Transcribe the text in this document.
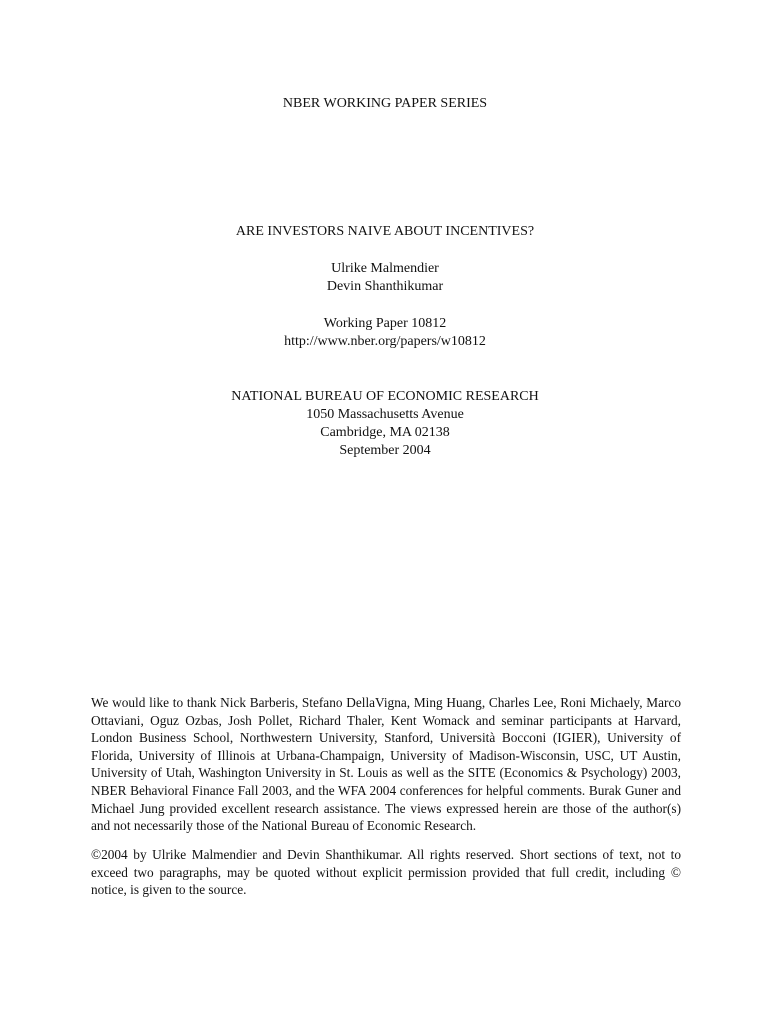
NBER WORKING PAPER SERIES
ARE INVESTORS NAIVE ABOUT INCENTIVES?
Ulrike Malmendier
Devin Shanthikumar
Working Paper 10812
http://www.nber.org/papers/w10812
NATIONAL BUREAU OF ECONOMIC RESEARCH
1050 Massachusetts Avenue
Cambridge, MA 02138
September 2004
We would like to thank Nick Barberis, Stefano DellaVigna, Ming Huang, Charles Lee, Roni Michaely, Marco Ottaviani, Oguz Ozbas, Josh Pollet, Richard Thaler, Kent Womack and seminar participants at Harvard, London Business School, Northwestern University, Stanford, Università Bocconi (IGIER), University of Florida, University of Illinois at Urbana-Champaign, University of Madison-Wisconsin, USC, UT Austin, University of Utah, Washington University in St. Louis as well as the SITE (Economics & Psychology) 2003, NBER Behavioral Finance Fall 2003, and the WFA 2004 conferences for helpful comments. Burak Guner and Michael Jung provided excellent research assistance. The views expressed herein are those of the author(s) and not necessarily those of the National Bureau of Economic Research.
©2004 by Ulrike Malmendier and Devin Shanthikumar. All rights reserved. Short sections of text, not to exceed two paragraphs, may be quoted without explicit permission provided that full credit, including © notice, is given to the source.
